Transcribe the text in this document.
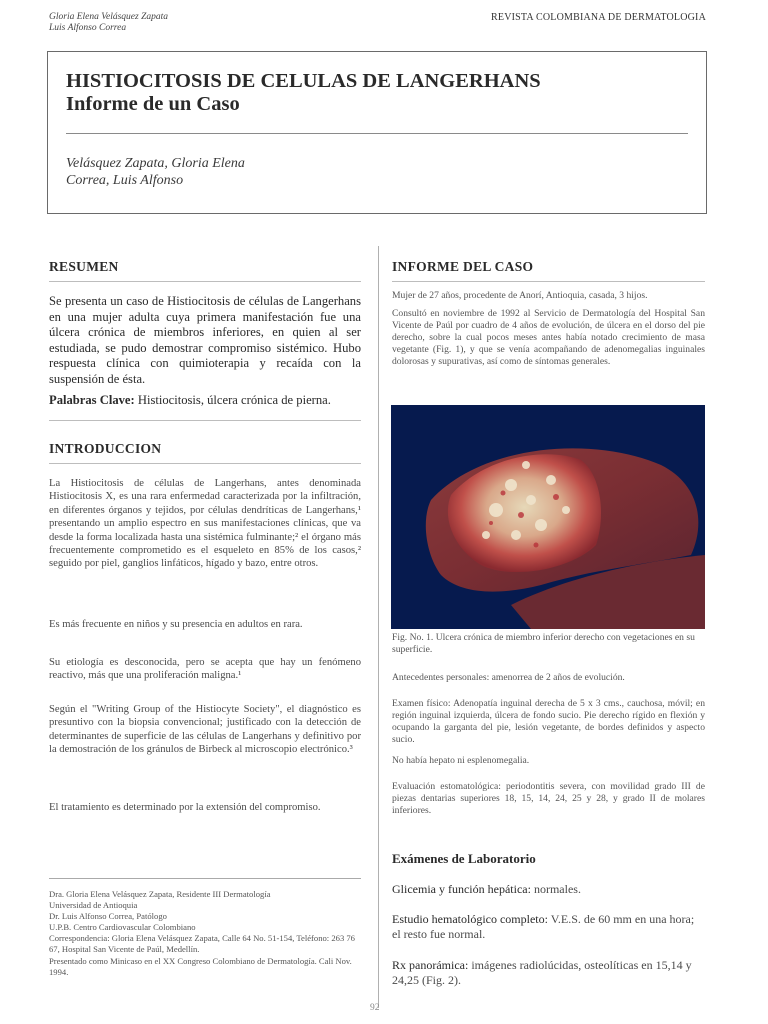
Gloria Elena Velásquez Zapata
Luis Alfonso Correa
REVISTA COLOMBIANA DE DERMATOLOGIA
HISTIOCITOSIS DE CELULAS DE LANGERHANS
Informe de un Caso
Velásquez Zapata, Gloria Elena
Correa, Luis Alfonso
RESUMEN
Se presenta un caso de Histiocitosis de células de Langerhans en una mujer adulta cuya primera manifestación fue una úlcera crónica de miembros inferiores, en quien al ser estudiada, se pudo demostrar compromiso sistémico. Hubo respuesta clínica con quimioterapia y recaída con la suspensión de ésta.
Palabras Clave: Histiocitosis, úlcera crónica de pierna.
INTRODUCCION
La Histiocitosis de células de Langerhans, antes denominada Histiocitosis X, es una rara enfermedad caracterizada por la infiltración, en diferentes órganos y tejidos, por células dendríticas de Langerhans,¹ presentando un amplio espectro en sus manifestaciones clínicas, que va desde la forma localizada hasta una sistémica fulminante;² el órgano más frecuentemente comprometido es el esqueleto en 85% de los casos,² seguido por piel, ganglios linfáticos, hígado y bazo, entre otros.
Es más frecuente en niños y su presencia en adultos en rara.
Su etiología es desconocida, pero se acepta que hay un fenómeno reactivo, más que una proliferación maligna.¹
Según el "Writing Group of the Histiocyte Society", el diagnóstico es presuntivo con la biopsia convencional; justificado con la detección de determinantes de superficie de las células de Langerhans y definitivo por la demostración de los gránulos de Birbeck al microscopio electrónico.³
El tratamiento es determinado por la extensión del compromiso.
Dra. Gloria Elena Velásquez Zapata, Residente III Dermatología
Universidad de Antioquia
Dr. Luis Alfonso Correa, Patólogo
U.P.B. Centro Cardiovascular Colombiano
Correspondencia: Gloria Elena Velásquez Zapata, Calle 64 No. 51-154, Teléfono: 263 76 67, Hospital San Vicente de Paúl, Medellín.
Presentado como Minicaso en el XX Congreso Colombiano de Dermatología. Cali Nov. 1994.
INFORME DEL CASO
Mujer de 27 años, procedente de Anorí, Antioquia, casada, 3 hijos.
Consultó en noviembre de 1992 al Servicio de Dermatología del Hospital San Vicente de Paúl por cuadro de 4 años de evolución, de úlcera en el dorso del pie derecho, sobre la cual pocos meses antes había notado crecimiento de masa vegetante (Fig. 1), y que se venía acompañando de adenomegalias inguinales dolorosas y supurativas, así como de síntomas generales.
Fig. No. 1. Ulcera crónica de miembro inferior derecho con vegetaciones en su superficie.
Antecedentes personales: amenorrea de 2 años de evolución.
Examen físico: Adenopatía inguinal derecha de 5 x 3 cms., cauchosa, móvil; en región inguinal izquierda, úlcera de fondo sucio. Pie derecho rígido en flexión y ocupando la garganta del pie, lesión vegetante, de bordes definidos y aspecto sucio.
No había hepato ni esplenomegalia.
Evaluación estomatológica: periodontitis severa, con movilidad grado III de piezas dentarias superiores 18, 15, 14, 24, 25 y 28, y grado II de molares inferiores.
Exámenes de Laboratorio
Glicemia y función hepática: normales.
Estudio hematológico completo: V.E.S. de 60 mm en una hora; el resto fue normal.
Rx panorámica: imágenes radiolúcidas, osteolíticas en 15,14 y 24,25 (Fig. 2).
92
